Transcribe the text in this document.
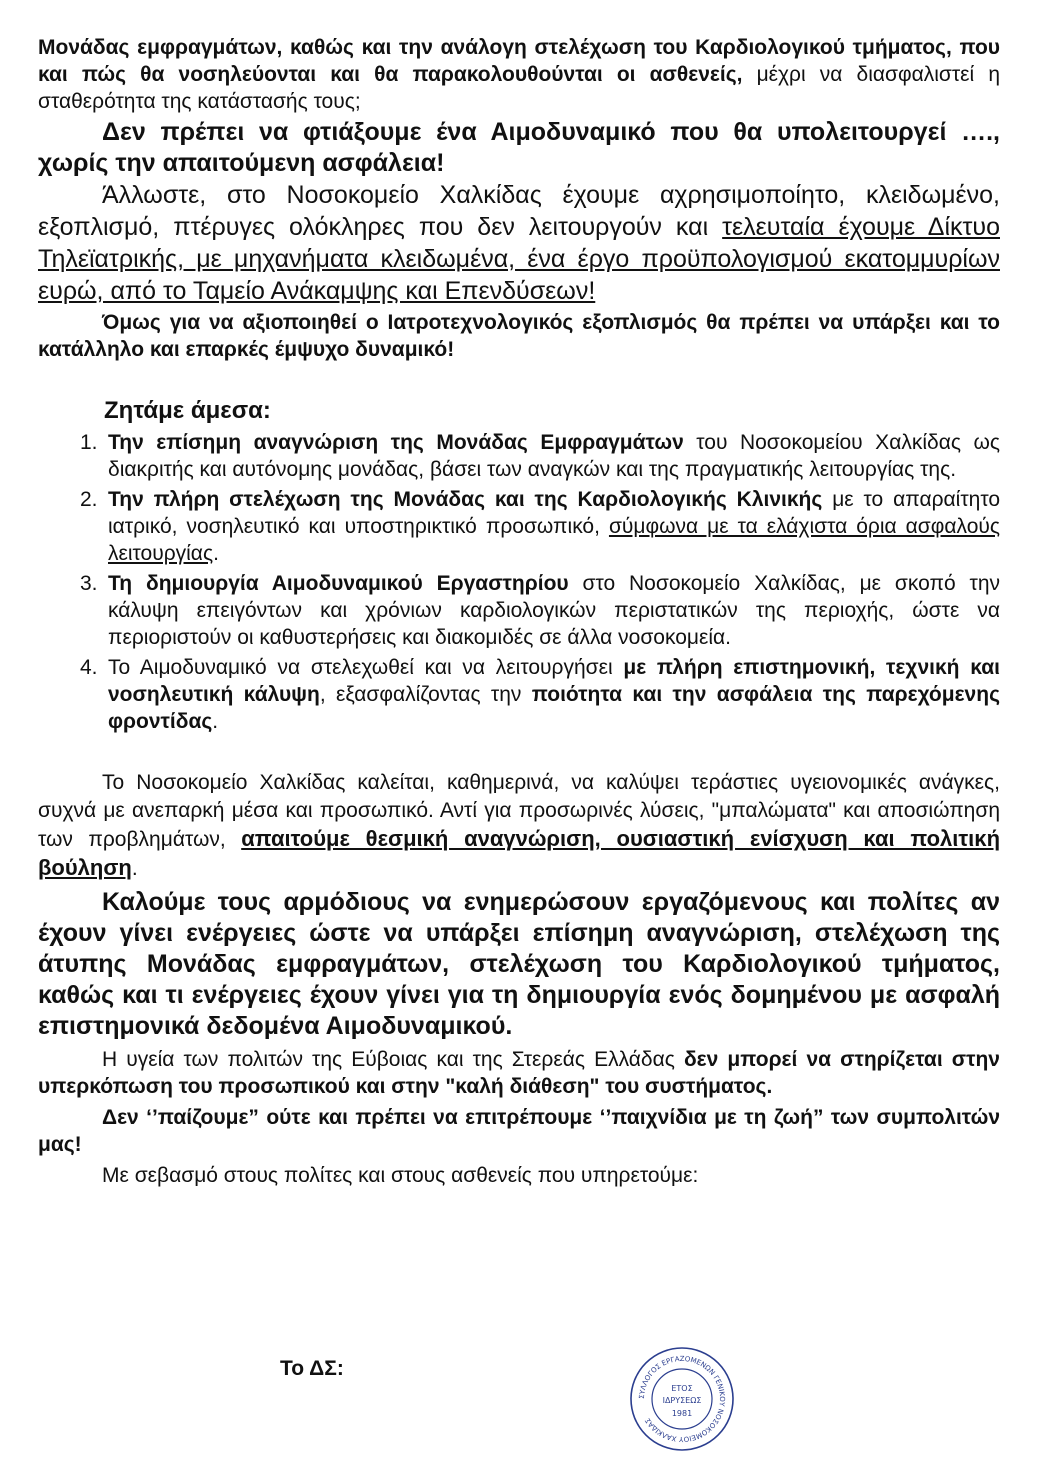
Μονάδας εμφραγμάτων, καθώς και την ανάλογη στελέχωση του Καρδιολογικού τμήματος, που και πώς θα νοσηλεύονται και θα παρακολουθούνται οι ασθενείς, μέχρι να διασφαλιστεί η σταθερότητα της κατάστασής τους;

Δεν πρέπει να φτιάξουμε ένα Αιμοδυναμικό που θα υπολειτουργεί …., χωρίς την απαιτούμενη ασφάλεια!

Άλλωστε, στο Νοσοκομείο Χαλκίδας έχουμε αχρησιμοποίητο, κλειδωμένο, εξοπλισμό, πτέρυγες ολόκληρες που δεν λειτουργούν και τελευταία έχουμε Δίκτυο Τηλεϊατρικής, με μηχανήματα κλειδωμένα, ένα έργο προϋπολογισμού εκατομμυρίων ευρώ, από το Ταμείο Ανάκαμψης και Επενδύσεων!

Όμως για να αξιοποιηθεί ο Ιατροτεχνολογικός εξοπλισμός θα πρέπει να υπάρξει και το κατάλληλο και επαρκές έμψυχο δυναμικό!

Ζητάμε άμεσα:
1. Την επίσημη αναγνώριση της Μονάδας Εμφραγμάτων του Νοσοκομείου Χαλκίδας ως διακριτής και αυτόνομης μονάδας, βάσει των αναγκών και της πραγματικής λειτουργίας της.
2. Την πλήρη στελέχωση της Μονάδας και της Καρδιολογικής Κλινικής με το απαραίτητο ιατρικό, νοσηλευτικό και υποστηρικτικό προσωπικό, σύμφωνα με τα ελάχιστα όρια ασφαλούς λειτουργίας.
3. Τη δημιουργία Αιμοδυναμικού Εργαστηρίου στο Νοσοκομείο Χαλκίδας, με σκοπό την κάλυψη επειγόντων και χρόνιων καρδιολογικών περιστατικών της περιοχής, ώστε να περιοριστούν οι καθυστερήσεις και διακομιδές σε άλλα νοσοκομεία.
4. Το Αιμοδυναμικό να στελεχωθεί και να λειτουργήσει με πλήρη επιστημονική, τεχνική και νοσηλευτική κάλυψη, εξασφαλίζοντας την ποιότητα και την ασφάλεια της παρεχόμενης φροντίδας.

Το Νοσοκομείο Χαλκίδας καλείται, καθημερινά, να καλύψει τεράστιες υγειονομικές ανάγκες, συχνά με ανεπαρκή μέσα και προσωπικό. Αντί για προσωρινές λύσεις, "μπαλώματα" και αποσιώπηση των προβλημάτων, απαιτούμε θεσμική αναγνώριση, ουσιαστική ενίσχυση και πολιτική βούληση.

Καλούμε τους αρμόδιους να ενημερώσουν εργαζόμενους και πολίτες αν έχουν γίνει ενέργειες ώστε να υπάρξει επίσημη αναγνώριση, στελέχωση της άτυπης Μονάδας εμφραγμάτων, στελέχωση του Καρδιολογικού τμήματος, καθώς και τι ενέργειες έχουν γίνει για τη δημιουργία ενός δομημένου με ασφαλή επιστημονικά δεδομένα Αιμοδυναμικού.

Η υγεία των πολιτών της Εύβοιας και της Στερεάς Ελλάδας δεν μπορεί να στηρίζεται στην υπερκόπωση του προσωπικού και στην "καλή διάθεση" του συστήματος.

Δεν ‘’παίζουμε” ούτε και πρέπει να επιτρέπουμε ‘’παιχνίδια με τη ζωή” των συμπολιτών μας!

Με σεβασμό στους πολίτες και στους ασθενείς που υπηρετούμε:

Το ΔΣ:
ΣΥΛΛΟΓΟΣ ΕΡΓΑΖΟΜΕΝΩΝ ΓΕΝΙΚΟΥ ΝΟΣΟΚΟΜΕΙΟΥ ΧΑΛΚΙΔΑΣ
ΕΤΟΣ
ΙΔΡΥΣΕΩΣ
1981
